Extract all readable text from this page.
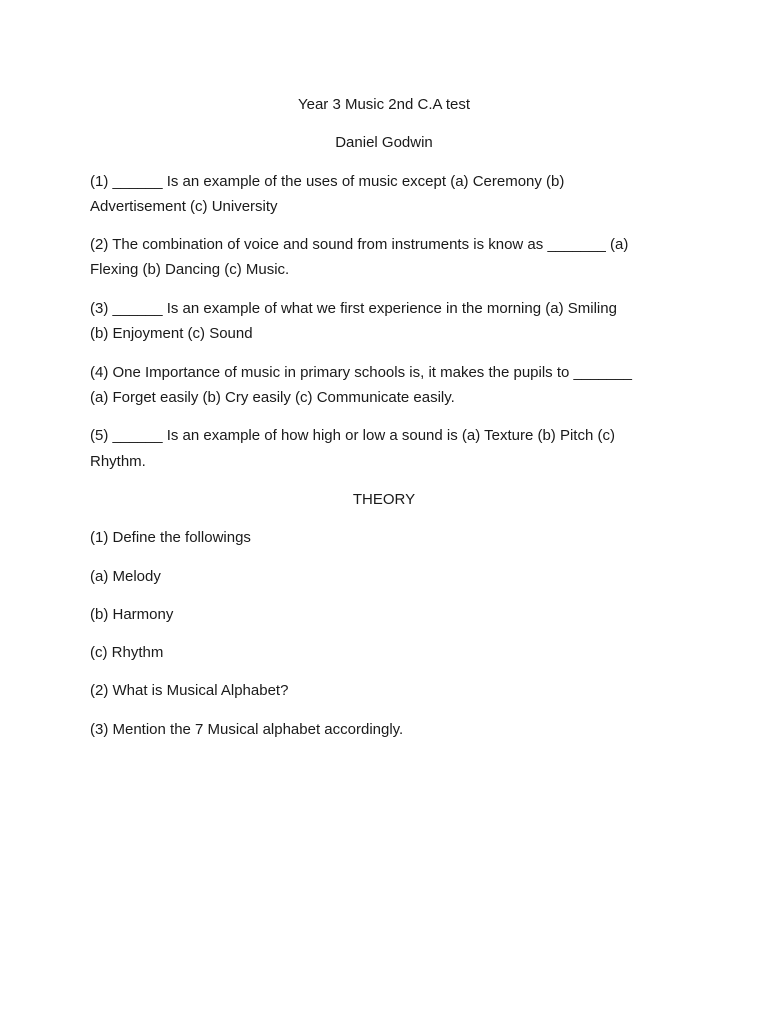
Year 3 Music 2nd C.A test

Daniel Godwin

(1) ______ Is an example of the uses of music except (a) Ceremony (b)

Advertisement (c) University

(2) The combination of voice and sound from instruments is know as _______ (a)

Flexing (b) Dancing (c) Music.

(3) ______ Is an example of what we first experience in the morning (a) Smiling

(b) Enjoyment (c) Sound

(4) One Importance of music in primary schools is, it makes the pupils to _______

(a) Forget easily (b) Cry easily (c) Communicate easily.

(5) ______ Is an example of how high or low a sound is (a) Texture (b) Pitch (c)

Rhythm.

THEORY

(1) Define the followings

(a) Melody

(b) Harmony

(c) Rhythm

(2) What is Musical Alphabet?

(3) Mention the 7 Musical alphabet accordingly.
